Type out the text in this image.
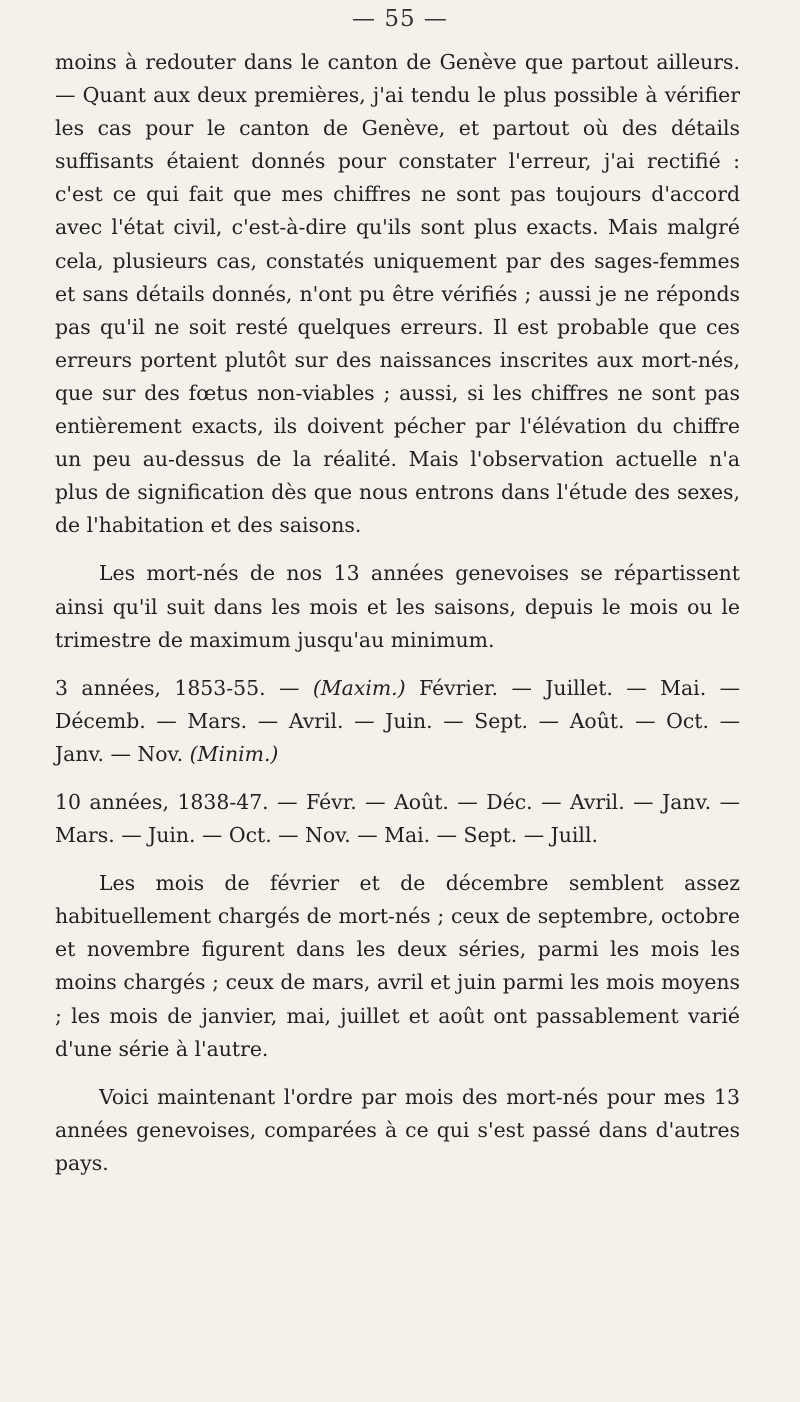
— 55 —

moins à redouter dans le canton de Genève que partout ailleurs. — Quant aux deux premières, j'ai tendu le plus possible à vérifier les cas pour le canton de Genève, et partout où des détails suffisants étaient donnés pour constater l'erreur, j'ai rectifié : c'est ce qui fait que mes chiffres ne sont pas toujours d'accord avec l'état civil, c'est-à-dire qu'ils sont plus exacts. Mais malgré cela, plusieurs cas, constatés uniquement par des sages-femmes et sans détails donnés, n'ont pu être vérifiés ; aussi je ne réponds pas qu'il ne soit resté quelques erreurs. Il est probable que ces erreurs portent plutôt sur des naissances inscrites aux mort-nés, que sur des fœtus non-viables ; aussi, si les chiffres ne sont pas entièrement exacts, ils doivent pécher par l'élévation du chiffre un peu au-dessus de la réalité. Mais l'observation actuelle n'a plus de signification dès que nous entrons dans l'étude des sexes, de l'habitation et des saisons.

Les mort-nés de nos 13 années genevoises se répartissent ainsi qu'il suit dans les mois et les saisons, depuis le mois ou le trimestre de maximum jusqu'au minimum.

3 années, 1853-55. — (Maxim.) Février. — Juillet. — Mai. — Décemb. — Mars. — Avril. — Juin. — Sept. — Août. — Oct. — Janv. — Nov. (Minim.)

10 années, 1838-47. — Févr. — Août. — Déc. — Avril. — Janv. — Mars. — Juin. — Oct. — Nov. — Mai. — Sept. — Juill.

Les mois de février et de décembre semblent assez habituellement chargés de mort-nés ; ceux de septembre, octobre et novembre figurent dans les deux séries, parmi les mois les moins chargés ; ceux de mars, avril et juin parmi les mois moyens ; les mois de janvier, mai, juillet et août ont passablement varié d'une série à l'autre.

Voici maintenant l'ordre par mois des mort-nés pour mes 13 années genevoises, comparées à ce qui s'est passé dans d'autres pays.
